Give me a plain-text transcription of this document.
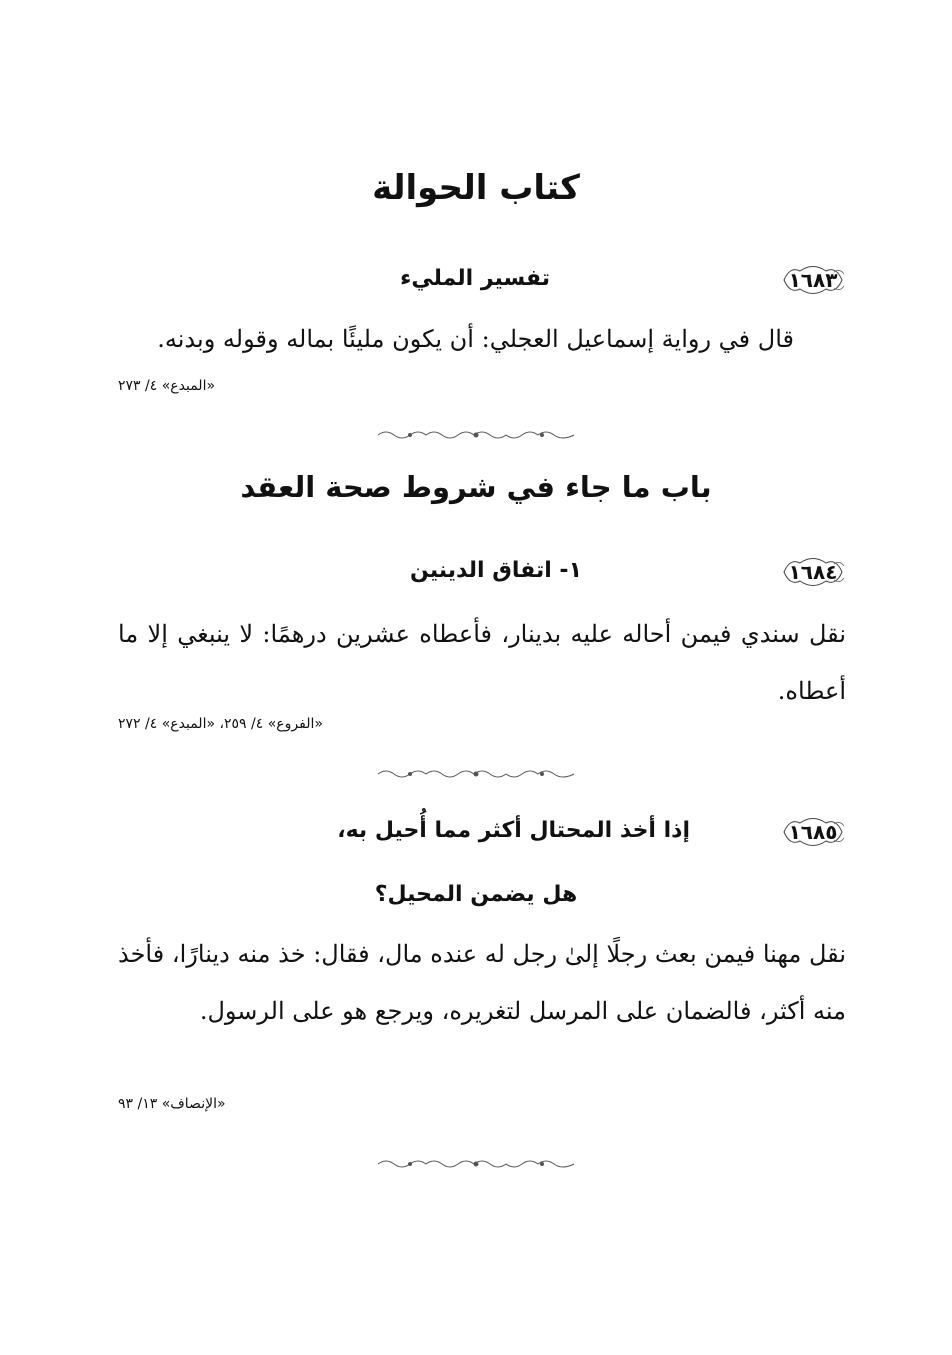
كتاب الحوالة
١٦٨٣
تفسير المليء
قال في رواية إسماعيل العجلي: أن يكون مليئًا بماله وقوله وبدنه.
«المبدع» ٤/ ٢٧٣
باب ما جاء في شروط صحة العقد
١٦٨٤
١- اتفاق الدينين
نقل سندي فيمن أحاله عليه بدينار، فأعطاه عشرين درهمًا: لا ينبغي إلا ما أعطاه.
«الفروع» ٤/ ٢٥٩، «المبدع» ٤/ ٢٧٢
١٦٨٥
إذا أخذ المحتال أكثر مما أُحيل به،
هل يضمن المحيل؟
نقل مهنا فيمن بعث رجلًا إلىٰ رجل له عنده مال، فقال: خذ منه دينارًا، فأخذ منه أكثر، فالضمان على المرسل لتغريره، ويرجع هو على الرسول.
«الإنصاف» ١٣/ ٩٣
